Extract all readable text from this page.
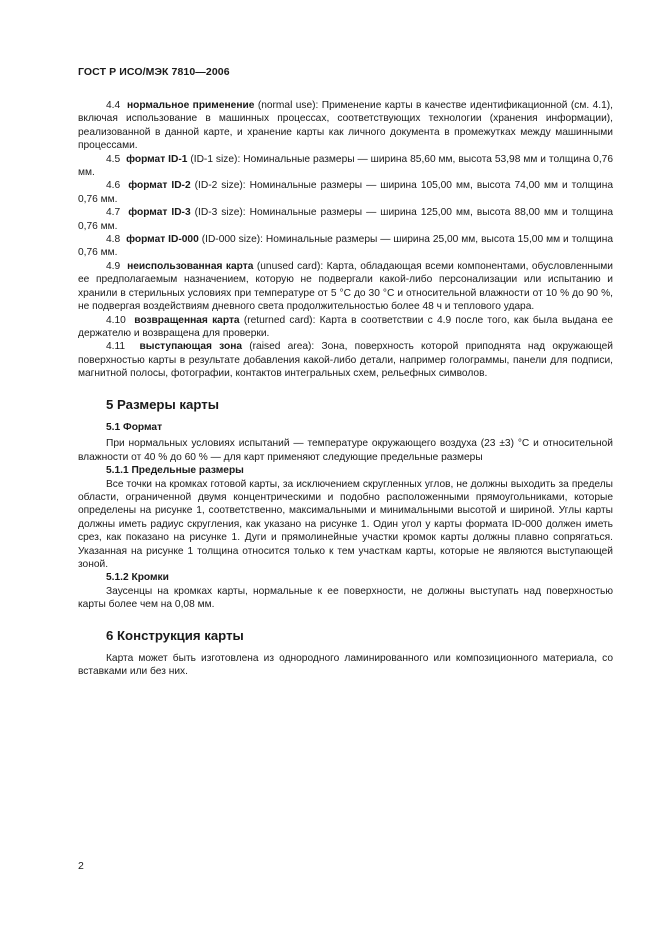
ГОСТ Р ИСО/МЭК 7810—2006

4.4 нормальное применение (normal use): Применение карты в качестве идентификационной (см. 4.1), включая использование в машинных процессах, соответствующих технологии (хранения информации), реализованной в данной карте, и хранение карты как личного документа в промежутках между машинными процессами.

4.5 формат ID-1 (ID-1 size): Номинальные размеры — ширина 85,60 мм, высота 53,98 мм и толщина 0,76 мм.

4.6 формат ID-2 (ID-2 size): Номинальные размеры — ширина 105,00 мм, высота 74,00 мм и толщина 0,76 мм.

4.7 формат ID-3 (ID-3 size): Номинальные размеры — ширина 125,00 мм, высота 88,00 мм и толщина 0,76 мм.

4.8 формат ID-000 (ID-000 size): Номинальные размеры — ширина 25,00 мм, высота 15,00 мм и толщина 0,76 мм.

4.9 неиспользованная карта (unused card): Карта, обладающая всеми компонентами, обусловленными ее предполагаемым назначением, которую не подвергали какой-либо персонализации или испытанию и хранили в стерильных условиях при температуре от 5 °С до 30 °С и относительной влажности от 10 % до 90 %, не подвергая воздействиям дневного света продолжительностью более 48 ч и теплового удара.

4.10 возвращенная карта (returned card): Карта в соответствии с 4.9 после того, как была выдана ее держателю и возвращена для проверки.

4.11 выступающая зона (raised area): Зона, поверхность которой приподнята над окружающей поверхностью карты в результате добавления какой-либо детали, например голограммы, панели для подписи, магнитной полосы, фотографии, контактов интегральных схем, рельефных символов.

5 Размеры карты
5.1 Формат

При нормальных условиях испытаний — температуре окружающего воздуха (23 ±3) °С и относительной влажности от 40 % до 60 % — для карт применяют следующие предельные размеры

5.1.1 Предельные размеры

Все точки на кромках готовой карты, за исключением скругленных углов, не должны выходить за пределы области, ограниченной двумя концентрическими и подобно расположенными прямоугольниками, которые определены на рисунке 1, соответственно, максимальными и минимальными высотой и шириной. Углы карты должны иметь радиус скругления, как указано на рисунке 1. Один угол у карты формата ID-000 должен иметь срез, как показано на рисунке 1. Дуги и прямолинейные участки кромок карты должны плавно сопрягаться. Указанная на рисунке 1 толщина относится только к тем участкам карты, которые не являются выступающей зоной.

5.1.2 Кромки

Заусенцы на кромках карты, нормальные к ее поверхности, не должны выступать над поверхностью карты более чем на 0,08 мм.

6 Конструкция карты

Карта может быть изготовлена из однородного ламинированного или композиционного материала, со вставками или без них.

2
